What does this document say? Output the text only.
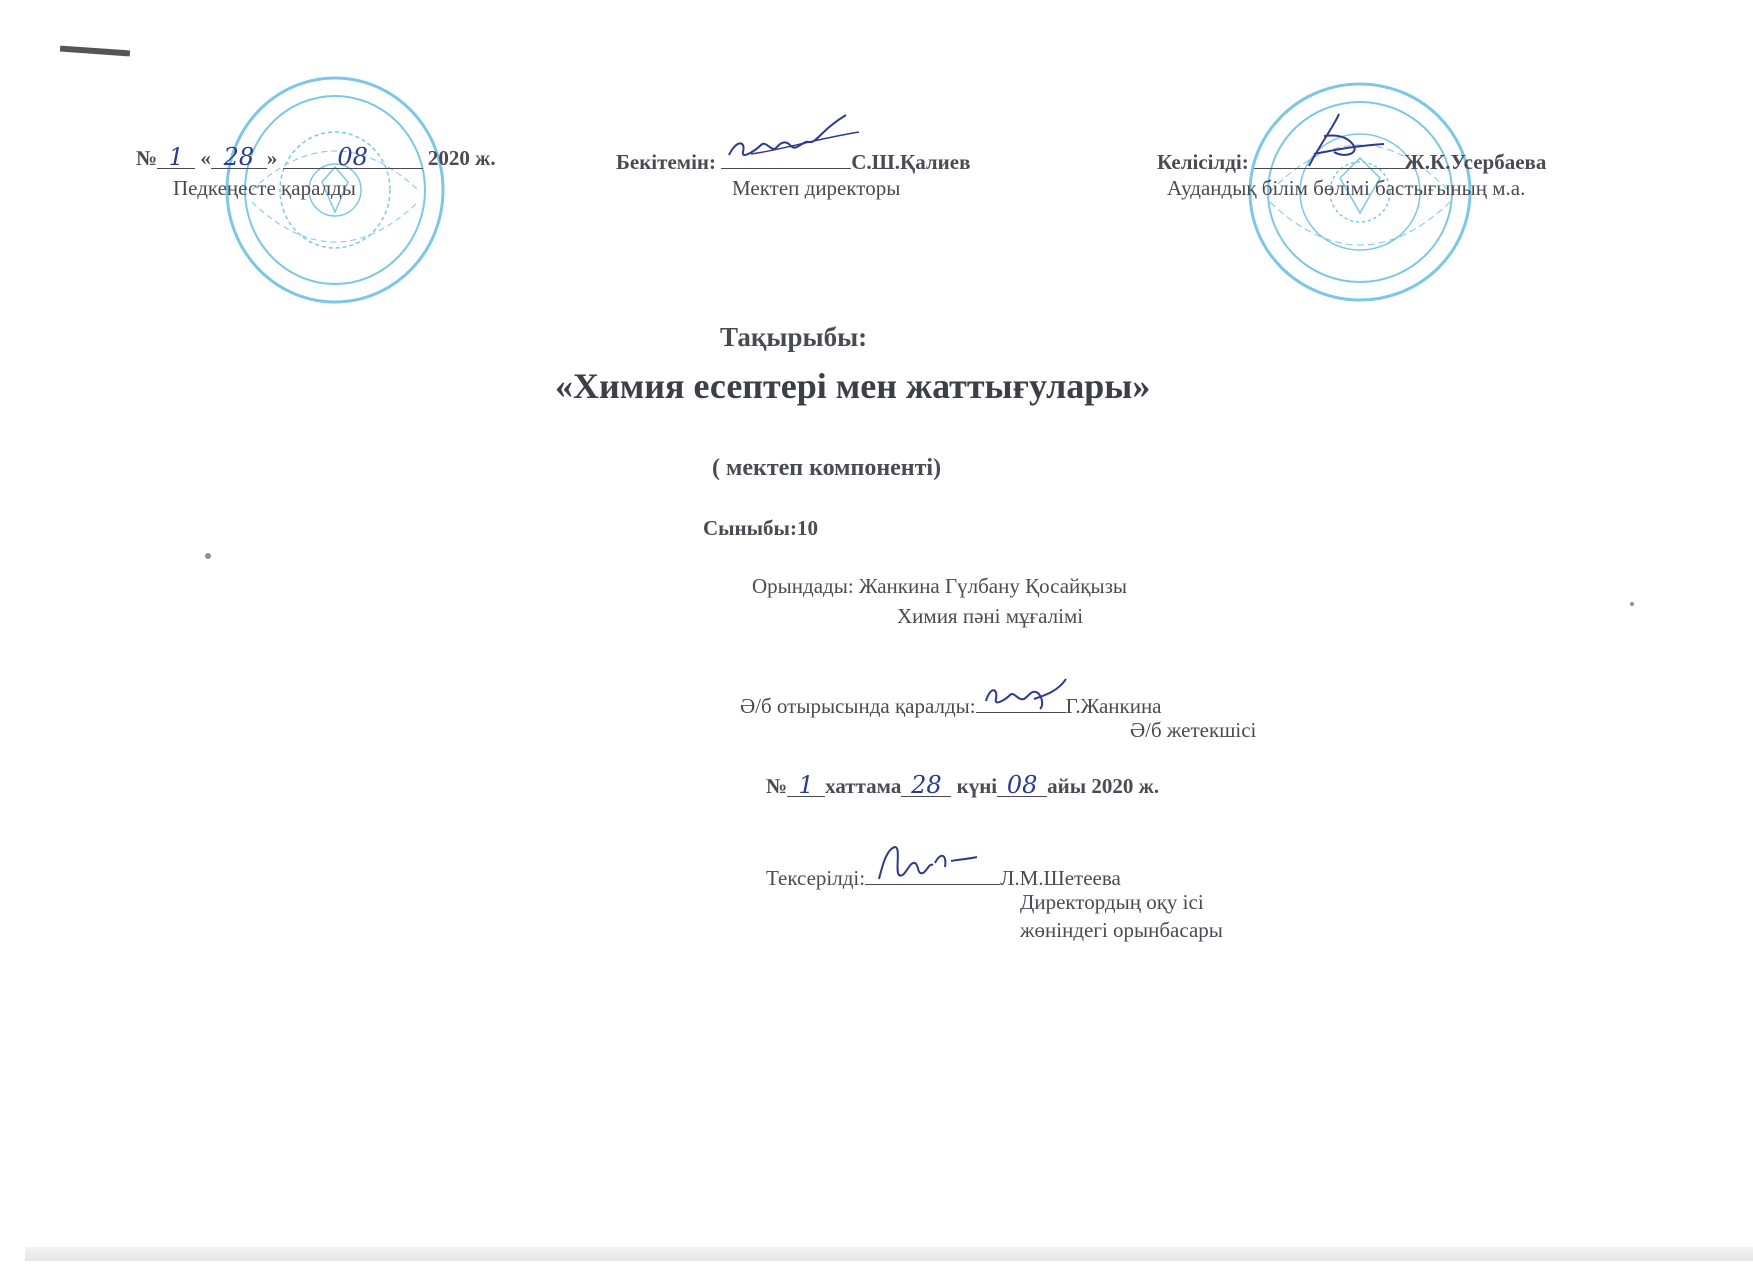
№ 1 « 28 » 08	2020 ж.
Педкеңесте қаралды
Бекітемін:	С.Ш.Қалиев
Мектеп директоры
Келісілді:	Ж.К.Усербаева
Аудандық білім бөлімі бастығының м.а.
Тақырыбы:
«Химия есептері мен жаттығулары»
( мектеп компоненті)
Сыныбы:10
Орындады: Жанкина Гүлбану Қосайқызы
Химия пәні мұғалімі
Ә/б отырысында қаралды:	Г.Жанкина
Ә/б жетекшісі
№ 1 хаттама 28 күні 08 айы 2020 ж.
Тексерілді:	Л.М.Шетеева
Директордың оқу ісі
жөніндегі орынбасары
